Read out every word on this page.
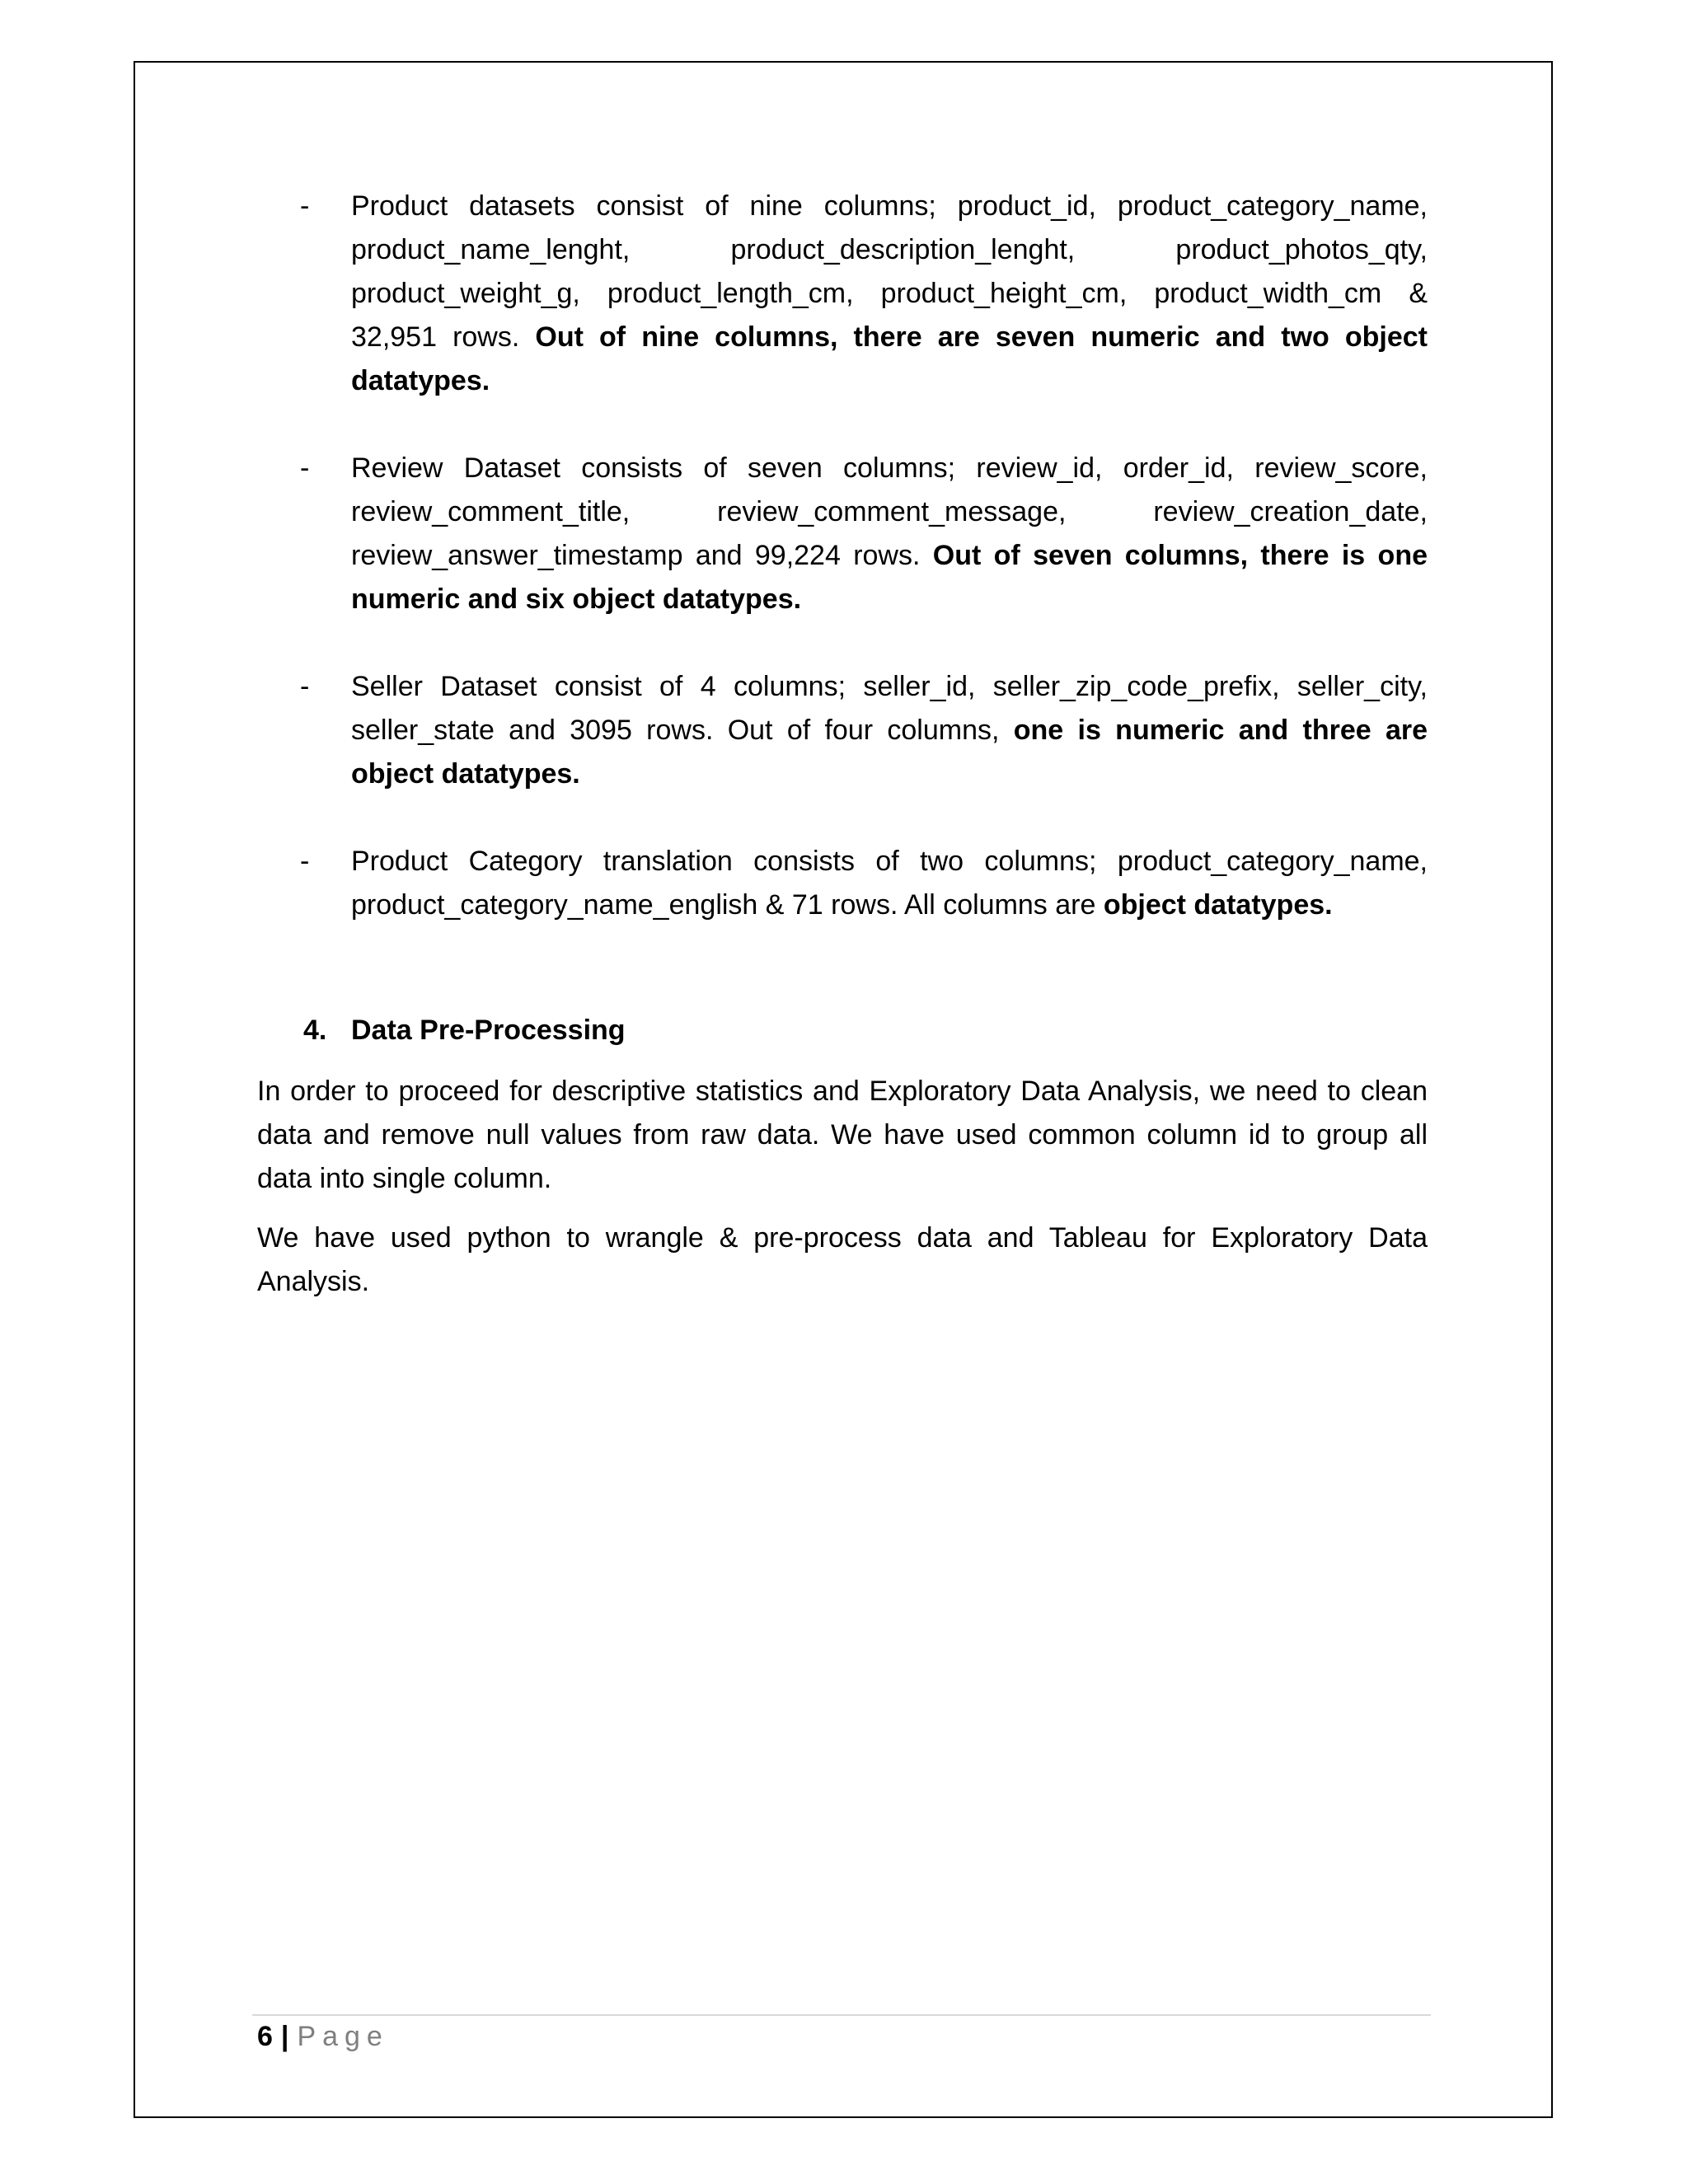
- Product datasets consist of nine columns; product_id, product_category_name, product_name_lenght, product_description_lenght, product_photos_qty, product_weight_g, product_length_cm, product_height_cm, product_width_cm & 32,951 rows. Out of nine columns, there are seven numeric and two object datatypes.
- Review Dataset consists of seven columns; review_id, order_id, review_score, review_comment_title, review_comment_message, review_creation_date, review_answer_timestamp and 99,224 rows. Out of seven columns, there is one numeric and six object datatypes.
- Seller Dataset consist of 4 columns; seller_id, seller_zip_code_prefix, seller_city, seller_state and 3095 rows. Out of four columns, one is numeric and three are object datatypes.
- Product Category translation consists of two columns; product_category_name, product_category_name_english & 71 rows. All columns are object datatypes.
4. Data Pre-Processing

In order to proceed for descriptive statistics and Exploratory Data Analysis, we need to clean data and remove null values from raw data. We have used common column id to group all data into single column.

We have used python to wrangle & pre-process data and Tableau for Exploratory Data Analysis.

6 | Page
